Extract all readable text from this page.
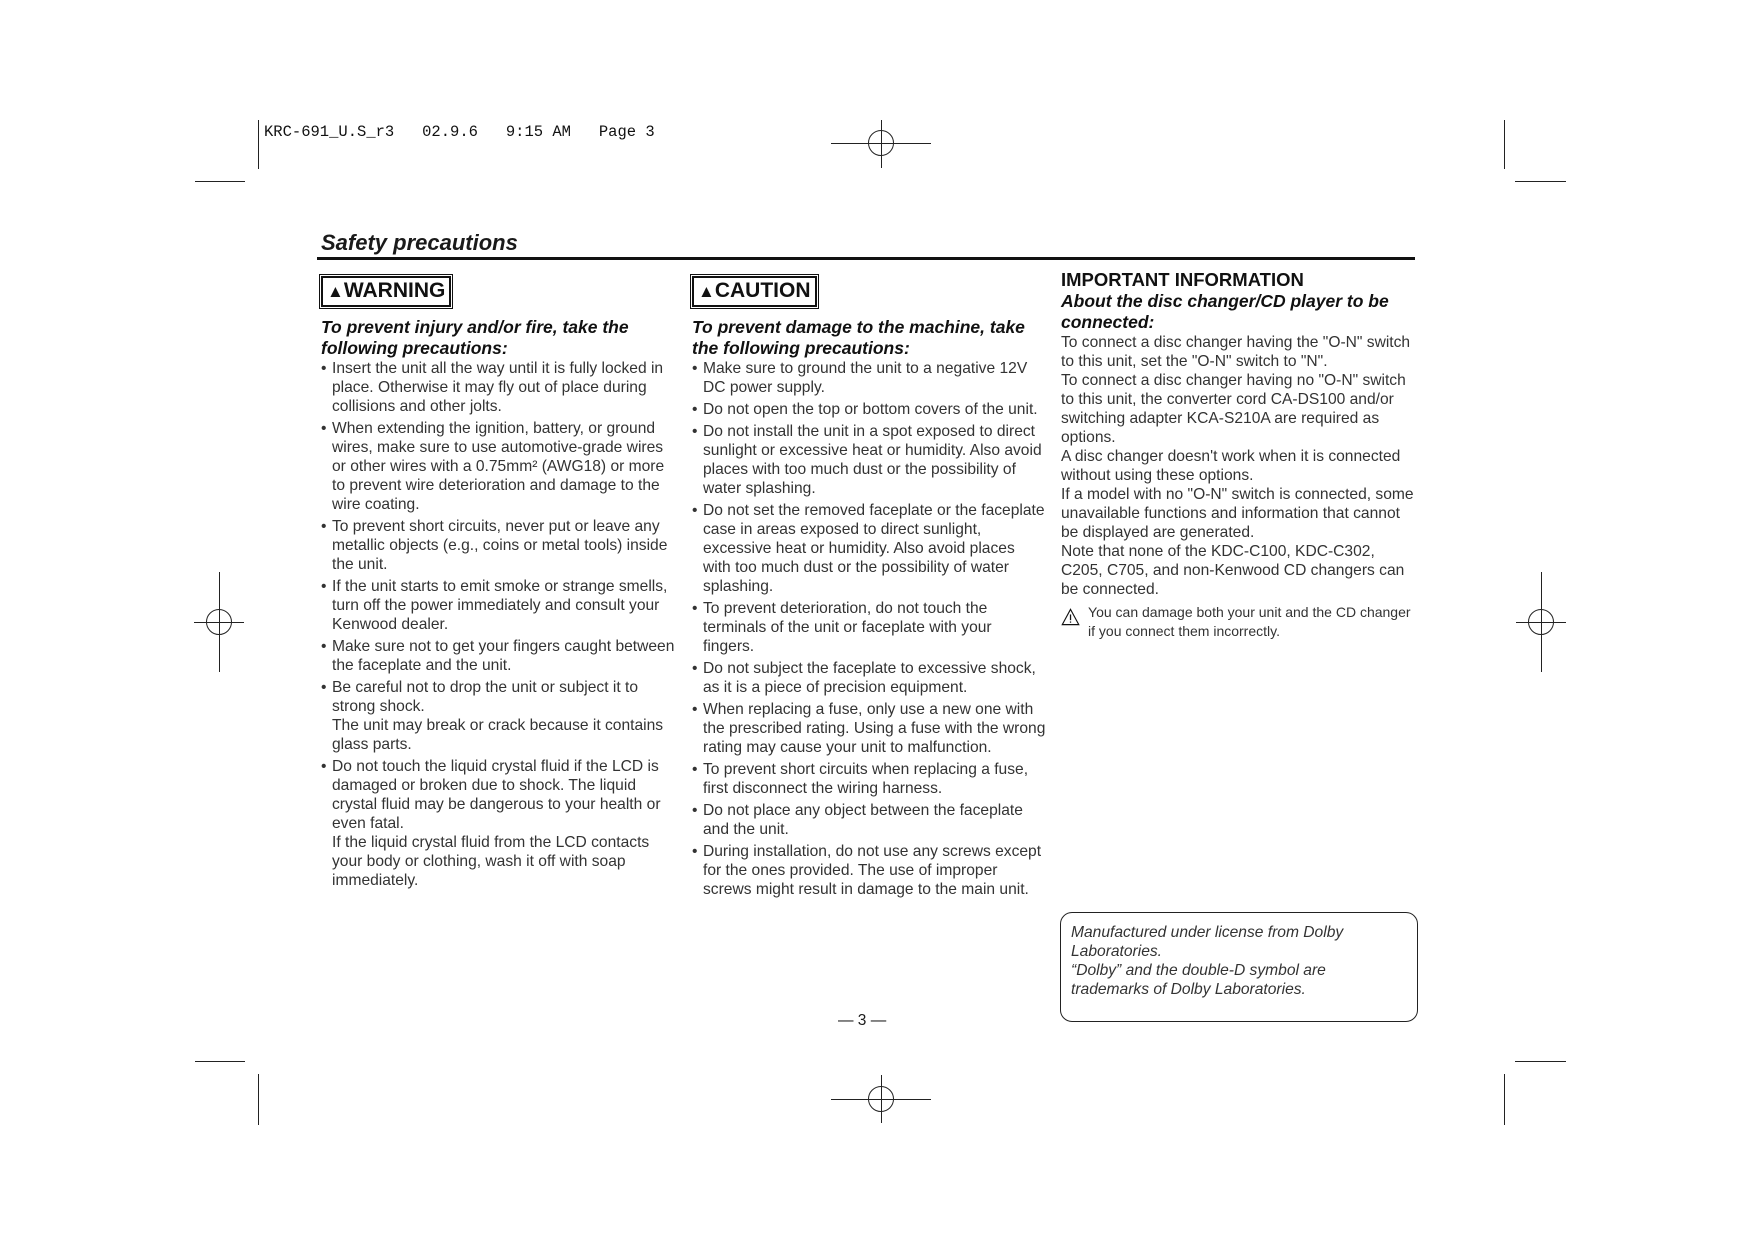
KRC-691_U.S_r3   02.9.6   9:15 AM   Page 3
Safety precautions
▲WARNING
To prevent injury and/or fire, take the following precautions:
• Insert the unit all the way until it is fully locked in place. Otherwise it may fly out of place during collisions and other jolts.
• When extending the ignition, battery, or ground wires, make sure to use automotive-grade wires or other wires with a 0.75mm² (AWG18) or more to prevent wire deterioration and damage to the wire coating.
• To prevent short circuits, never put or leave any metallic objects (e.g., coins or metal tools) inside the unit.
• If the unit starts to emit smoke or strange smells, turn off the power immediately and consult your Kenwood dealer.
• Make sure not to get your fingers caught between the faceplate and the unit.
• Be careful not to drop the unit or subject it to strong shock.
The unit may break or crack because it contains glass parts.
• Do not touch the liquid crystal fluid if the LCD is damaged or broken due to shock. The liquid crystal fluid may be dangerous to your health or even fatal.
If the liquid crystal fluid from the LCD contacts your body or clothing, wash it off with soap immediately.
▲CAUTION
To prevent damage to the machine, take the following precautions:
• Make sure to ground the unit to a negative 12V DC power supply.
• Do not open the top or bottom covers of the unit.
• Do not install the unit in a spot exposed to direct sunlight or excessive heat or humidity. Also avoid places with too much dust or the possibility of water splashing.
• Do not set the removed faceplate or the faceplate case in areas exposed to direct sunlight, excessive heat or humidity. Also avoid places with too much dust or the possibility of water splashing.
• To prevent deterioration, do not touch the terminals of the unit or faceplate with your fingers.
• Do not subject the faceplate to excessive shock, as it is a piece of precision equipment.
• When replacing a fuse, only use a new one with the prescribed rating. Using a fuse with the wrong rating may cause your unit to malfunction.
• To prevent short circuits when replacing a fuse, first disconnect the wiring harness.
• Do not place any object between the faceplate and the unit.
• During installation, do not use any screws except for the ones provided. The use of improper screws might result in damage to the main unit.
IMPORTANT INFORMATION
About the disc changer/CD player to be connected:
To connect a disc changer having the "O-N" switch to this unit, set the "O-N" switch to "N".
To connect a disc changer having no "O-N" switch to this unit, the converter cord CA-DS100 and/or switching adapter KCA-S210A are required as options.
A disc changer doesn't work when it is connected without using these options.
If a model with no "O-N" switch is connected, some unavailable functions and information that cannot be displayed are generated.
Note that none of the KDC-C100, KDC-C302, C205, C705, and non-Kenwood CD changers can be connected.
You can damage both your unit and the CD changer if you connect them incorrectly.
Manufactured under license from Dolby Laboratories.
“Dolby” and the double-D symbol are trademarks of Dolby Laboratories.
— 3 —
